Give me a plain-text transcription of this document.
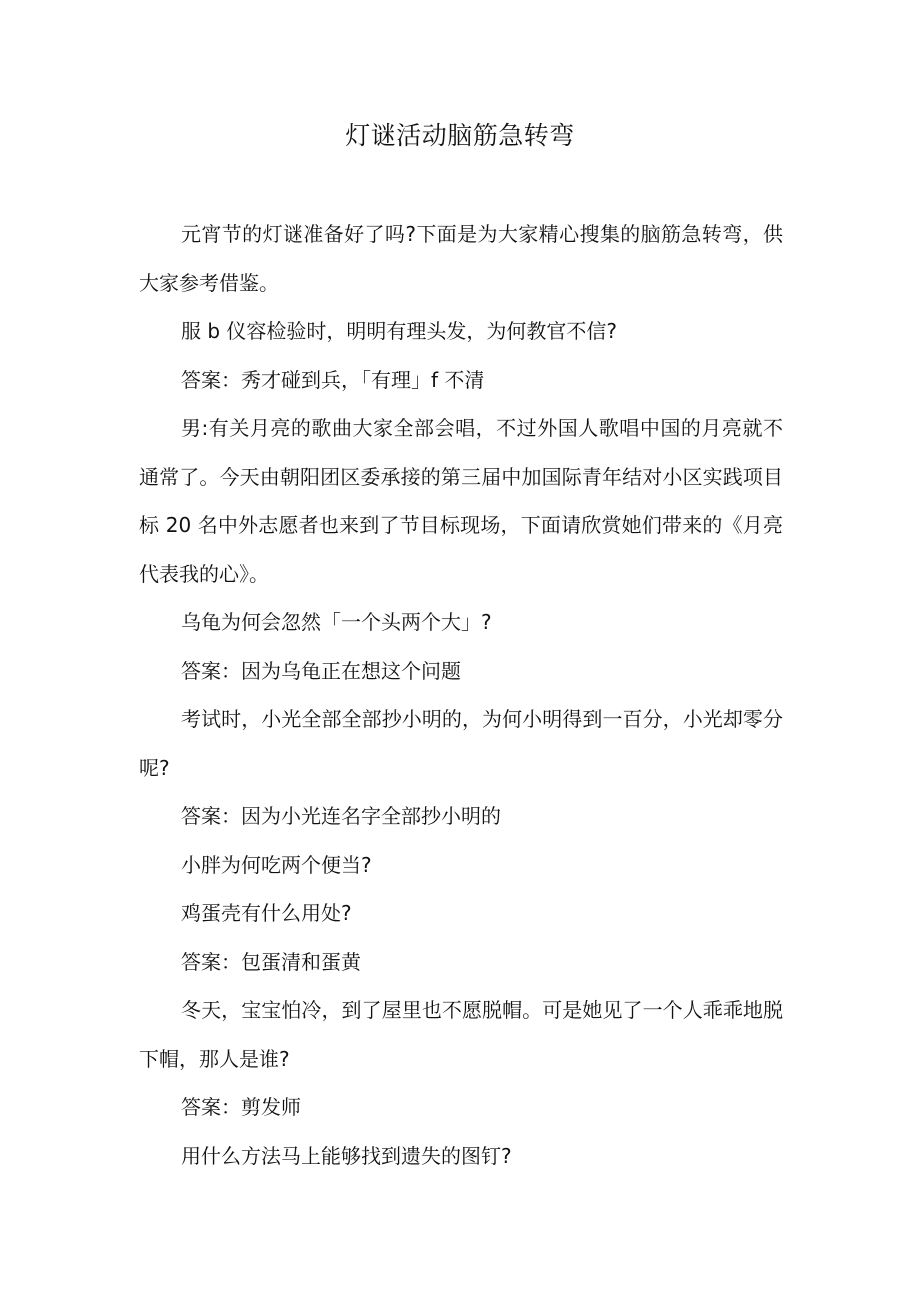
灯谜活动脑筋急转弯

元宵节的灯谜准备好了吗?下面是为大家精心搜集的脑筋急转弯，供大家参考借鉴。

服 b 仪容检验时，明明有理头发，为何教官不信?

答案：秀才碰到兵，「有理」f 不清

男:有关月亮的歌曲大家全部会唱，不过外国人歌唱中国的月亮就不通常了。今天由朝阳团区委承接的第三届中加国际青年结对小区实践项目标 20 名中外志愿者也来到了节目标现场，下面请欣赏她们带来的《月亮代表我的心》。

乌龟为何会忽然「一个头两个大」?

答案：因为乌龟正在想这个问题

考试时，小光全部全部抄小明的，为何小明得到一百分，小光却零分呢?

答案：因为小光连名字全部抄小明的

小胖为何吃两个便当?

鸡蛋壳有什么用处?

答案：包蛋清和蛋黄

冬天，宝宝怕冷，到了屋里也不愿脱帽。可是她见了一个人乖乖地脱下帽，那人是谁?

答案：剪发师

用什么方法马上能够找到遗失的图钉?
